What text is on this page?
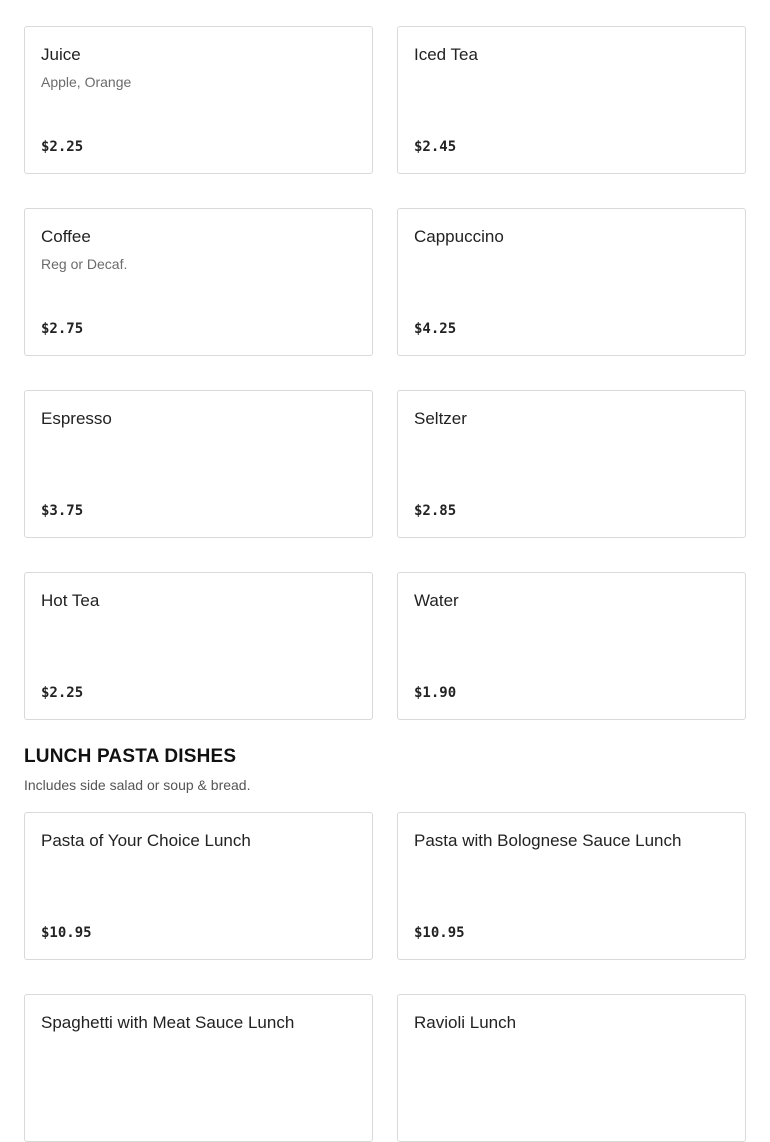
Juice
Apple, Orange
$2.25
Iced Tea
$2.45
Coffee
Reg or Decaf.
$2.75
Cappuccino
$4.25
Espresso
$3.75
Seltzer
$2.85
Hot Tea
$2.25
Water
$1.90
LUNCH PASTA DISHES
Includes side salad or soup & bread.
Pasta of Your Choice Lunch
$10.95
Pasta with Bolognese Sauce Lunch
$10.95
Spaghetti with Meat Sauce Lunch	Ravioli Lunch
